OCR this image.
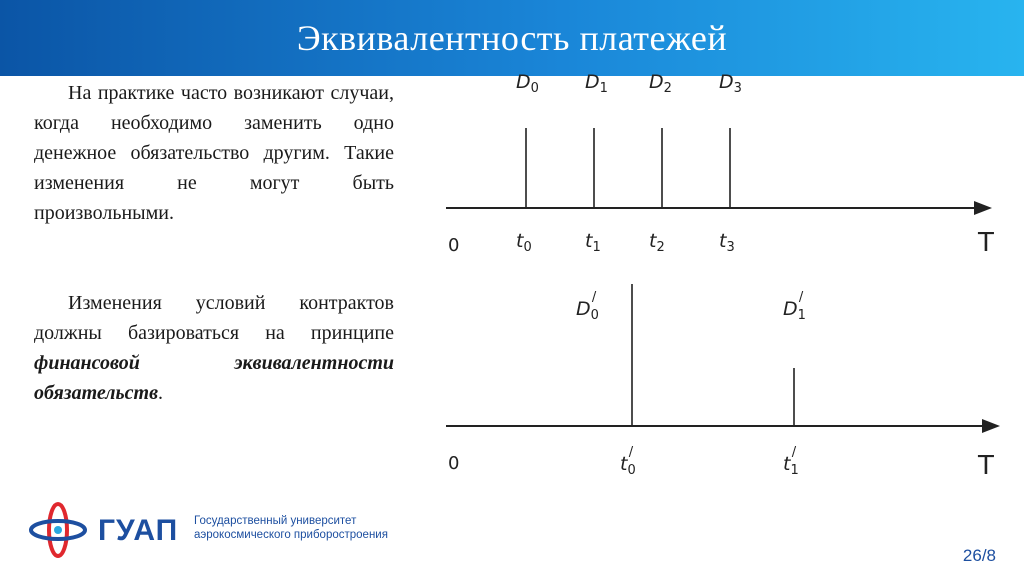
Эквивалентность платежей
На практике часто возникают случаи, когда необходимо заменить одно денежное обязательство другим. Такие изменения не могут быть произвольными.
Изменения условий контрактов должны базироваться на принципе финансовой эквивалентности обязательств.
0	T
$D_0$ $D_1$ $D_2$ $D_3$
$t_0$	$t_1$	$t_2$	$t_3$
0	T
$D_0/$
$D_1/$
$t_0/$
$t_1/$
ГУАП Государственный университет
аэрокосмического приборостроения
26/8
